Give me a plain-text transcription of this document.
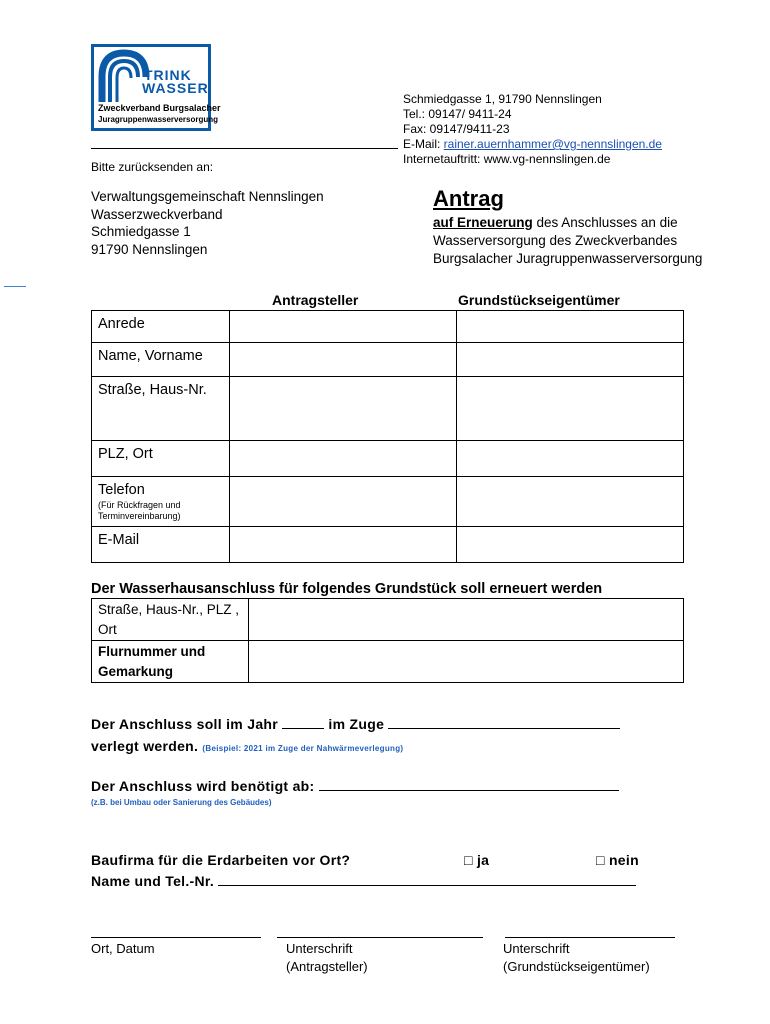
TRINK
WASSER
Zweckverband Burgsalacher
Juragruppenwasserversorgung
Schmiedgasse 1, 91790 Nennslingen
Tel.: 09147/ 9411-24
Fax: 09147/9411-23
E-Mail: rainer.auernhammer@vg-nennslingen.de
Internetauftritt: www.vg-nennslingen.de
Bitte zurücksenden an:
Verwaltungsgemeinschaft Nennslingen
Wasserzweckverband
Schmiedgasse 1
91790 Nennslingen
Antrag
auf Erneuerung des Anschlusses an die Wasserversorgung des Zweckverbandes Burgsalacher Juragruppenwasserversorgung
Antragsteller	Grundstückseigentümer
Anrede		
Name, Vorname		
Straße, Haus-Nr.		
PLZ, Ort		
Telefon
(Für Rückfragen und Terminvereinbarung)		

E-Mail		
Der Wasserhausanschluss für folgendes Grundstück soll erneuert werden
Straße, Haus-Nr., PLZ , Ort	
Flurnummer und Gemarkung	
Der Anschluss soll im Jahr	im Zuge
verlegt werden. (Beispiel: 2021 im Zuge der Nahwärmeverlegung)
Der Anschluss wird benötigt ab:
(z.B. bei Umbau oder Sanierung des Gebäudes)
Baufirma für die Erdarbeiten vor Ort?	□ ja	□ nein
Name und Tel.-Nr.
Ort, Datum	Unterschrift
(Antragsteller)
Unterschrift
(Grundstückseigentümer)
